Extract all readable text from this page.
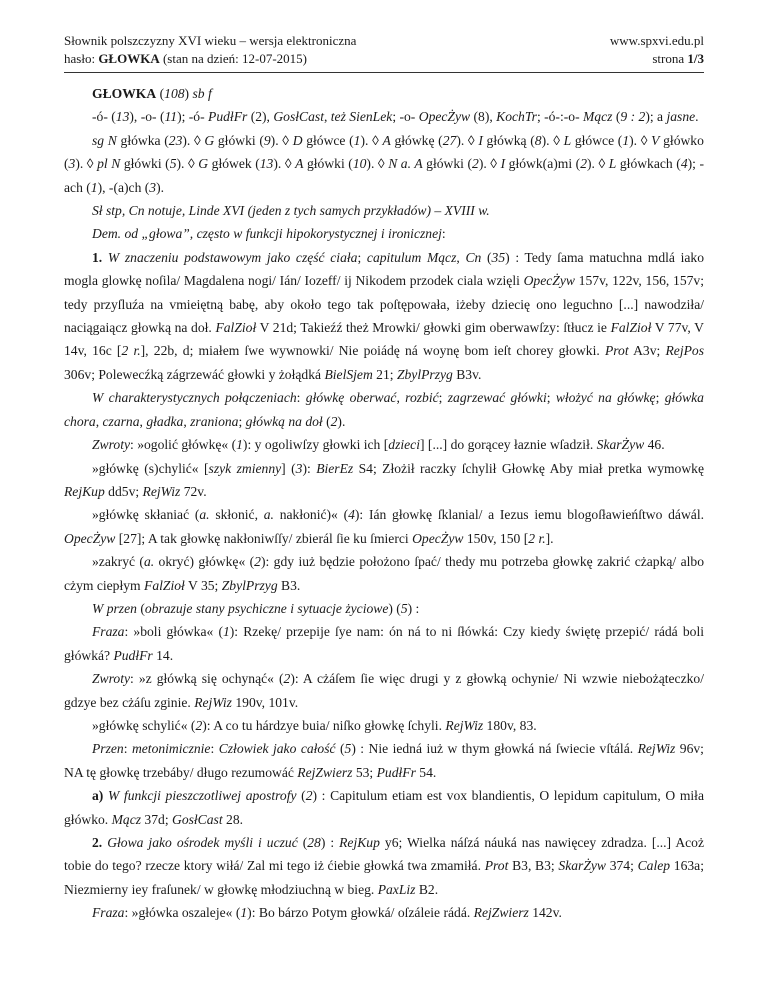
Słownik polszczyzny XVI wieku – wersja elektroniczna
hasło: GŁOWKA (stan na dzień: 12-07-2015)
www.spxvi.edu.pl
strona 1/3

GŁOWKA (108) sb f

-ó- (13), -o- (11); -ó- PudłFr (2), GosłCast, też SienLek; -o- OpecŻyw (8), KochTr; -ó-:-o- Mącz (9 : 2); a jasne.

sg N główka (23). ◊ G główki (9). ◊ D główce (1). ◊ A główkę (27). ◊ I główką (8). ◊ L główce (1). ◊ V główko (3). ◊ pl N główki (5). ◊ G główek (13). ◊ A główki (10). ◊ N a. A główki (2). ◊ I główk(a)mi (2). ◊ L główkach (4); -ach (1), -(a)ch (3).

Sł stp, Cn notuje, Linde XVI (jeden z tych samych przykładów) – XVIII w.

Dem. od „głowa”, często w funkcji hipokorystycznej i ironicznej:

1. W znaczeniu podstawowym jako część ciała; capitulum Mącz, Cn (35) : Tedy ſama matuchna mdlá iako mogla glowkę noſila/ Magdalena nogi/ Ián/ Iozeff/ ij Nikodem przodek ciala wzięli OpecŻyw 157v, 122v, 156, 157v; tedy przyſluźa na vmieiętną babę, aby około tego tak poſtępowała, iżeby dziecię ono leguchno [...] nawodziła/ naciągaiącz głowką na doł. FalZioł V 21d; Takieźź theż Mrowki/ głowki gim oberwawſzy: ſtłucz ie FalZioł V 77v, V 14v, 16c [2 r.], 22b, d; miałem ſwe wywnowki/ Nie poiádę ná woynę bom ieſt chorey głowki. Prot A3v; RejPos 306v; Polewecźką zágrzewáć głowki y żołądká BielSjem 21; ZbylPrzyg B3v.

W charakterystycznych połączeniach: główkę oberwać, rozbić; zagrzewać główki; włożyć na główkę; główka chora, czarna, gładka, zraniona; główką na doł (2).

Zwroty: »ogolić główkę« (1): y ogoliwſzy głowki ich [dzieci] [...] do gorącey łaznie wſadził. SkarŻyw 46.

»główkę (s)chylić« [szyk zmienny] (3): BierEz S4; Złożił raczky ſchylił Głowkę Aby miał pretka wymowkę RejKup dd5v; RejWiz 72v.

»główkę skłaniać (a. skłonić, a. nakłonić)« (4): Ián głowkę ſklanial/ a Iezus iemu blogoſławieńſtwo dáwál. OpecŻyw [27]; A tak głowkę nakłoniwſſy/ zbierál ſie ku ſmierci OpecŻyw 150v, 150 [2 r.].

»zakryć (a. okryć) główkę« (2): gdy iuż będzie położono ſpać/ thedy mu potrzeba głowkę zakrić cżapką/ albo cżym ciepłym FalZioł V 35; ZbylPrzyg B3.

W przen (obrazuje stany psychiczne i sytuacje życiowe) (5) :

Fraza: »boli główka« (1): Rzekę/ przepije ſye nam: ón ná to ni ſłówká: Czy kiedy świętę przepić/ rádá boli główká? PudłFr 14.

Zwroty: »z główką się ochynąć« (2): A cżáſem ſie więc drugi y z głowką ochynie/ Ni wzwie niebożąteczko/ gdzye bez cżáſu zginie. RejWiz 190v, 101v.

»główkę schylić« (2): A co tu hárdzye buia/ niſko głowkę ſchyli. RejWiz 180v, 83.

Przen: metonimicznie: Człowiek jako całość (5) : Nie iedná iuż w thym głowká ná ſwiecie vſtálá. RejWiz 96v; NA tę głowkę trzebáby/ długo rezumowáć RejZwierz 53; PudłFr 54.

a) W funkcji pieszczotliwej apostrofy (2) : Capitulum etiam est vox blandientis, O lepidum capitulum, O miła główko. Mącz 37d; GosłCast 28.

2. Głowa jako ośrodek myśli i uczuć (28) : RejKup y6; Wielka náſzá náuká nas nawięcey zdradza. [...] Acoż tobie do tego? rzecze ktory wiłá/ Zal mi tego iż ćiebie głowká twa zmamiłá. Prot B3, B3; SkarŻyw 374; Calep 163a; Niezmierny iey fraſunek/ w głowkę młodziuchną w bieg. PaxLiz B2.

Fraza: »główka oszaleje« (1): Bo bárzo Potym głowká/ oſzáleie rádá. RejZwierz 142v.
